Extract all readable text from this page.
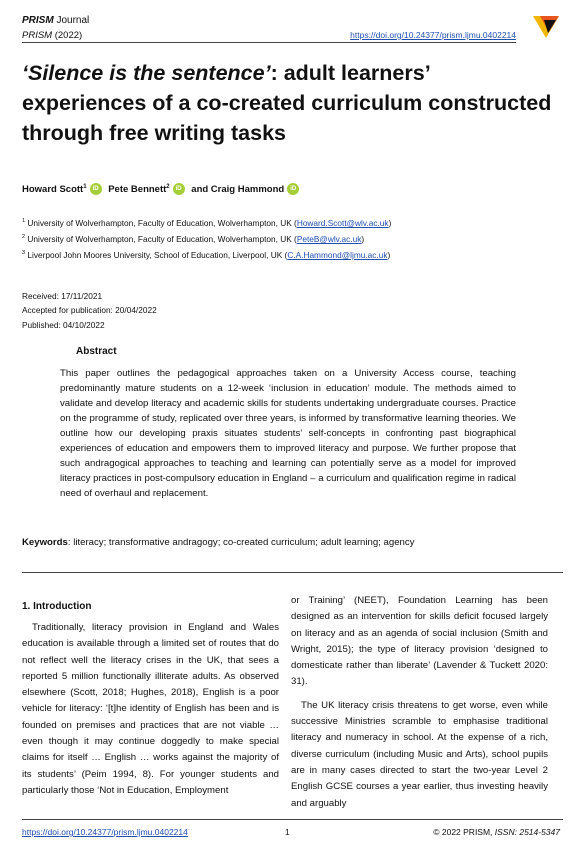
PRISM Journal
PRISM (2022)	https://doi.org/10.24377/prism.ljmu.0402214
‘Silence is the sentence’: adult learners’ experiences of a co-created curriculum constructed through free writing tasks
Howard Scott$^1$ iD Pete Bennett$^2$ iD and Craig Hammond iD
$^1$ University of Wolverhampton, Faculty of Education, Wolverhampton, UK (Howard.Scott@wlv.ac.uk)
$^2$ University of Wolverhampton, Faculty of Education, Wolverhampton, UK (PeteB@wlv.ac.uk)
$^3$ Liverpool John Moores University, School of Education, Liverpool, UK (C.A.Hammond@ljmu.ac.uk)
Received: 17/11/2021
Accepted for publication: 20/04/2022
Published: 04/10/2022
Abstract

This paper outlines the pedagogical approaches taken on a University Access course, teaching predominantly mature students on a 12-week ‘inclusion in education’ module. The methods aimed to validate and develop literacy and academic skills for students undertaking undergraduate courses. Practice on the programme of study, replicated over three years, is informed by transformative learning theories. We outline how our developing praxis situates students’ self-concepts in confronting past biographical experiences of education and empowers them to improved literacy and purpose. We further propose that such andragogical approaches to teaching and learning can potentially serve as a model for improved literacy practices in post-compulsory education in England – a curriculum and qualification regime in radical need of overhaul and replacement.

Keywords: literacy; transformative andragogy; co-created curriculum; adult learning; agency
1. Introduction

Traditionally, literacy provision in England and Wales education is available through a limited set of routes that do not reflect well the literacy crises in the UK, that sees a reported 5 million functionally illiterate adults. As observed elsewhere (Scott, 2018; Hughes, 2018), English is a poor vehicle for literacy: ‘[t]he identity of English has been and is founded on premises and practices that are not viable … even though it may continue doggedly to make special claims for itself … English … works against the majority of its students’ (Peim 1994, 8). For younger students and particularly those ‘Not in Education, Employment

or Training’ (NEET), Foundation Learning has been designed as an intervention for skills deficit focused largely on literacy and as an agenda of social inclusion (Smith and Wright, 2015); the type of literacy provision ‘designed to domesticate rather than liberate’ (Lavender & Tuckett 2020: 31).

The UK literacy crisis threatens to get worse, even while successive Ministries scramble to emphasise traditional literacy and numeracy in school. At the expense of a rich, diverse curriculum (including Music and Arts), school pupils are in many cases directed to start the two-year Level 2 English GCSE courses a year earlier, thus investing heavily and arguably

https://doi.org/10.24377/prism.ljmu.0402214	1	© 2022 PRISM, ISSN: 2514-5347
